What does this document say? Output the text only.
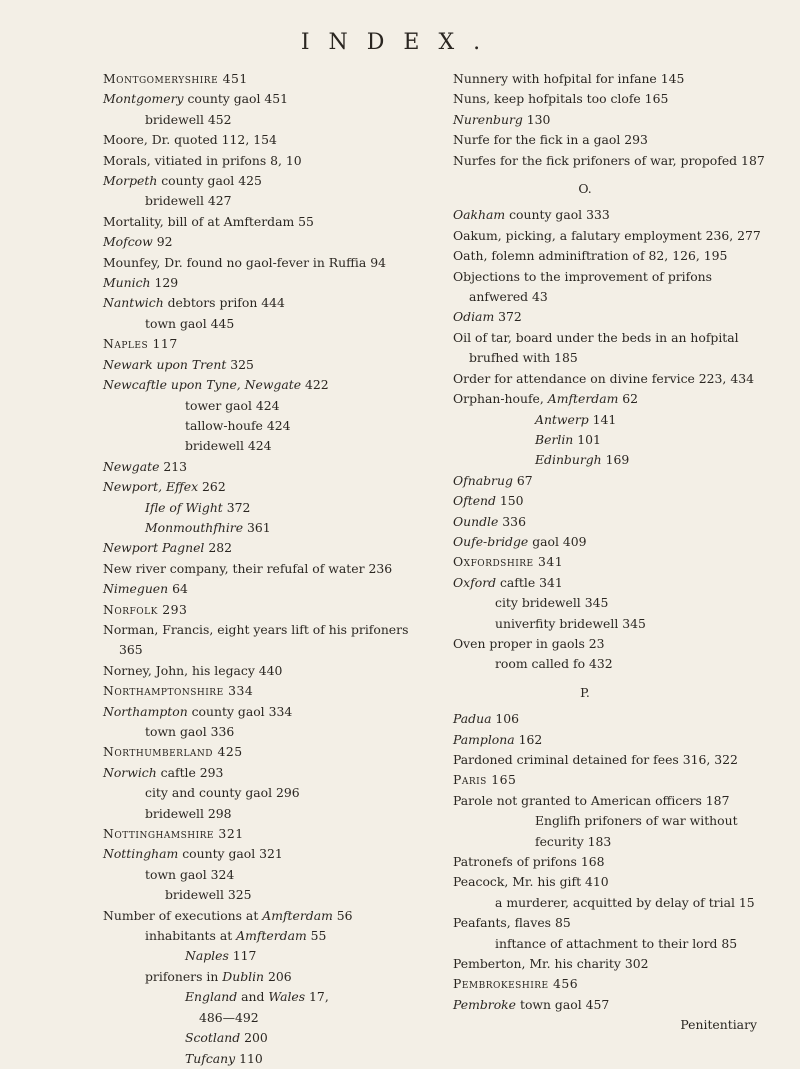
INDEX.

Montgomeryshire 451

Montgomery county gaol 451

bridewell 452

Moore, Dr. quoted 112, 154

Morals, vitiated in prifons 8, 10

Morpeth county gaol 425

bridewell 427

Mortality, bill of at Amfterdam 55

Mofcow 92

Mounfey, Dr. found no gaol-fever in Ruffia 94

Munich 129

Nantwich debtors prifon 444

town gaol 445

Naples 117

Newark upon Trent 325

Newcaftle upon Tyne, Newgate 422

tower gaol 424

tallow-houfe 424

bridewell 424

Newgate 213

Newport, Effex 262

Ifle of Wight 372

Monmouthfhire 361

Newport Pagnel 282

New river company, their refufal of water 236

Nimeguen 64

Norfolk 293

Norman, Francis, eight years lift of his prifoners 365

Norney, John, his legacy 440

Northamptonshire 334

Northampton county gaol 334

town gaol 336

Northumberland 425

Norwich caftle 293

city and county gaol 296

bridewell 298

Nottinghamshire 321

Nottingham county gaol 321

town gaol 324

bridewell 325

Number of executions at Amfterdam 56

inhabitants at Amfterdam 55

Naples 117

prifoners in Dublin 206

England and Wales 17,

486—492

Scotland 200

Tufcany 110

Nunnery with hofpital for infane 145

Nuns, keep hofpitals too clofe 165

Nurenburg 130

Nurfe for the fick in a gaol 293

Nurfes for the fick prifoners of war, propofed 187

O.

Oakham county gaol 333

Oakum, picking, a falutary employment 236, 277

Oath, folemn adminiftration of 82, 126, 195

Objections to the improvement of prifons anfwered 43

Odiam 372

Oil of tar, board under the beds in an hofpital brufhed with 185

Order for attendance on divine fervice 223, 434

Orphan-houfe, Amfterdam 62

Antwerp 141

Berlin 101

Edinburgh 169

Ofnabrug 67

Oftend 150

Oundle 336

Oufe-bridge gaol 409

Oxfordshire 341

Oxford caftle 341

city bridewell 345

univerfity bridewell 345

Oven proper in gaols 23

room called fo 432

P.

Padua 106

Pamplona 162

Pardoned criminal detained for fees 316, 322

Paris 165

Parole not granted to American officers 187

Englifh prifoners of war without fecurity 183

Patronefs of prifons 168

Peacock, Mr. his gift 410

a murderer, acquitted by delay of trial 15

Peafants, flaves 85

inftance of attachment to their lord 85

Pemberton, Mr. his charity 302

Pembrokeshire 456

Pembroke town gaol 457

Penitentiary
